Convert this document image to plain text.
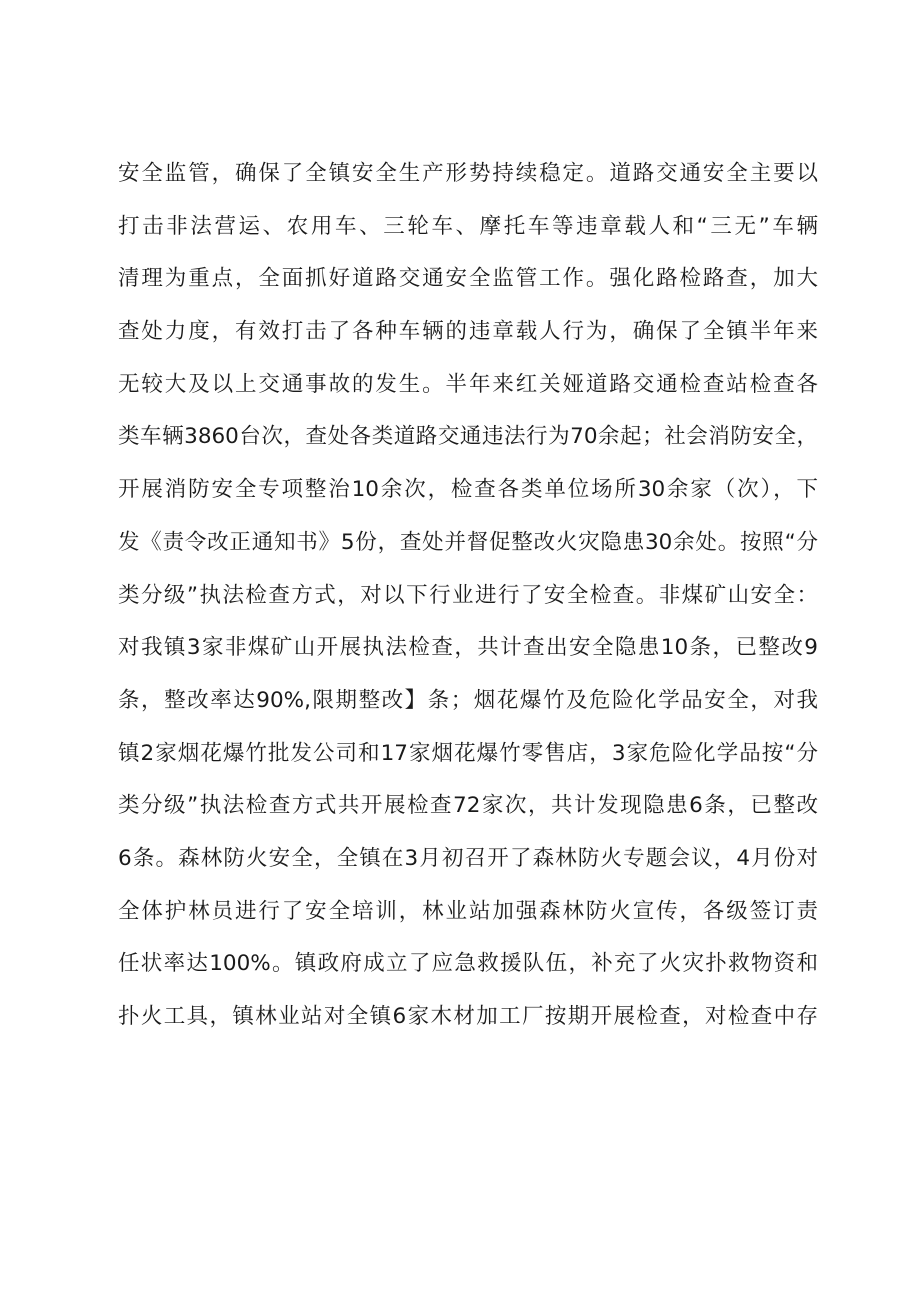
安全监管，确保了全镇安全生产形势持续稳定。道路交通安全主要以
打击非法营运、农用车、三轮车、摩托车等违章载人和“三无”车辆
清理为重点，全面抓好道路交通安全监管工作。强化路检路查，加大
查处力度，有效打击了各种车辆的违章载人行为，确保了全镇半年来
无较大及以上交通事故的发生。半年来红关娅道路交通检查站检查各
类车辆3860台次，查处各类道路交通违法行为70余起；社会消防安全，
开展消防安全专项整治10余次，检查各类单位场所30余家（次），下
发《责令改正通知书》5份，查处并督促整改火灾隐患30余处。按照“分
类分级”执法检查方式，对以下行业进行了安全检查。非煤矿山安全：
对我镇3家非煤矿山开展执法检查，共计查出安全隐患10条，已整改9
条，整改率达90%,限期整改】条；烟花爆竹及危险化学品安全，对我
镇2家烟花爆竹批发公司和17家烟花爆竹零售店，3家危险化学品按“分
类分级”执法检查方式共开展检查72家次，共计发现隐患6条，已整改
6条。森林防火安全，全镇在3月初召开了森林防火专题会议，4月份对
全体护林员进行了安全培训，林业站加强森林防火宣传，各级签订责
任状率达100%。镇政府成立了应急救援队伍，补充了火灾扑救物资和
扑火工具，镇林业站对全镇6家木材加工厂按期开展检查，对检查中存
